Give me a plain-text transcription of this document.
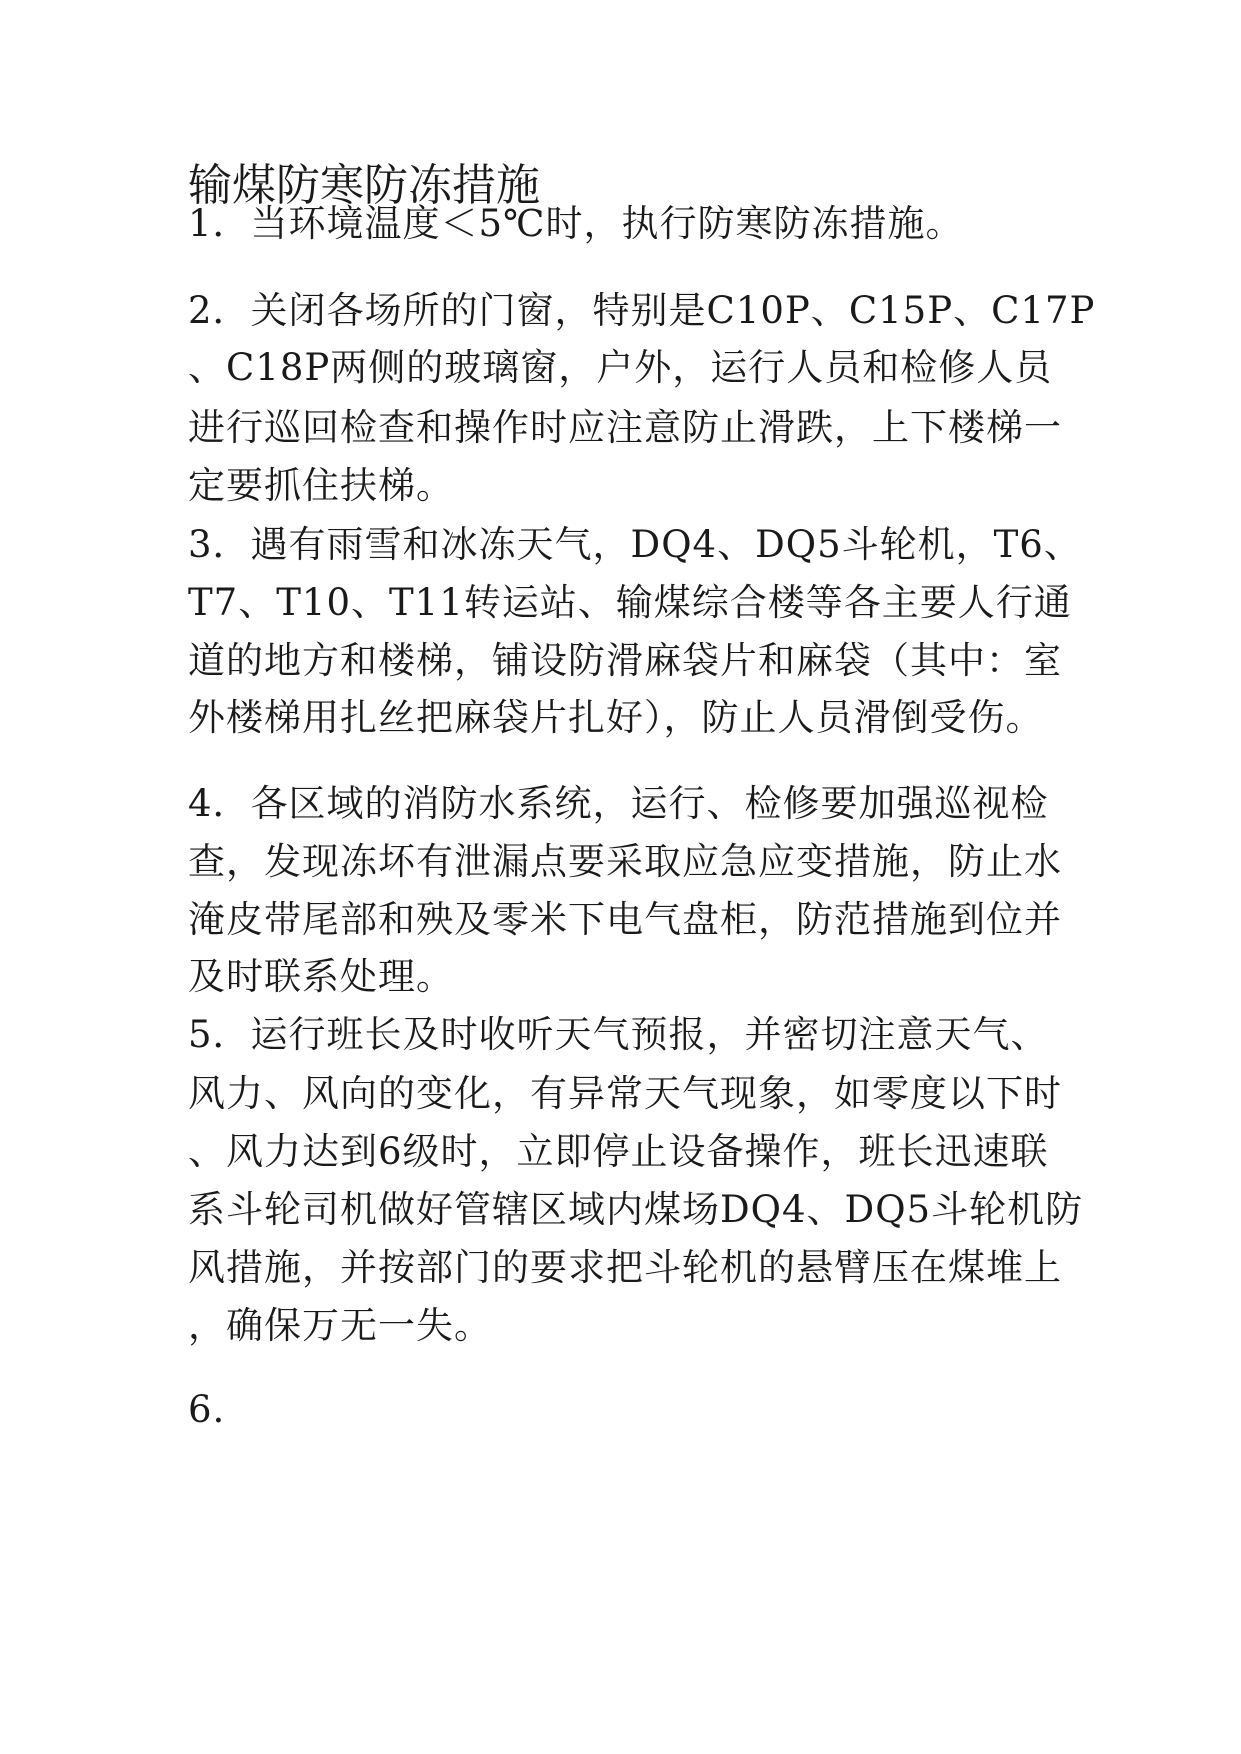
输煤防寒防冻措施
1．当环境温度＜5℃时，执行防寒防冻措施。
2．关闭各场所的门窗，特别是C10P、C15P、C17P
、C18P两侧的玻璃窗，户外，运行人员和检修人员
进行巡回检查和操作时应注意防止滑跌，上下楼梯一
定要抓住扶梯。
3．遇有雨雪和冰冻天气，DQ4、DQ5斗轮机，T6、
T7、T10、T11转运站、输煤综合楼等各主要人行通
道的地方和楼梯，铺设防滑麻袋片和麻袋（其中：室
外楼梯用扎丝把麻袋片扎好），防止人员滑倒受伤。
4．各区域的消防水系统，运行、检修要加强巡视检
查，发现冻坏有泄漏点要采取应急应变措施，防止水
淹皮带尾部和殃及零米下电气盘柜，防范措施到位并
及时联系处理。
5．运行班长及时收听天气预报，并密切注意天气、
风力、风向的变化，有异常天气现象，如零度以下时
、风力达到6级时，立即停止设备操作，班长迅速联
系斗轮司机做好管辖区域内煤场DQ4、DQ5斗轮机防
风措施，并按部门的要求把斗轮机的悬臂压在煤堆上
，确保万无一失。
6.
